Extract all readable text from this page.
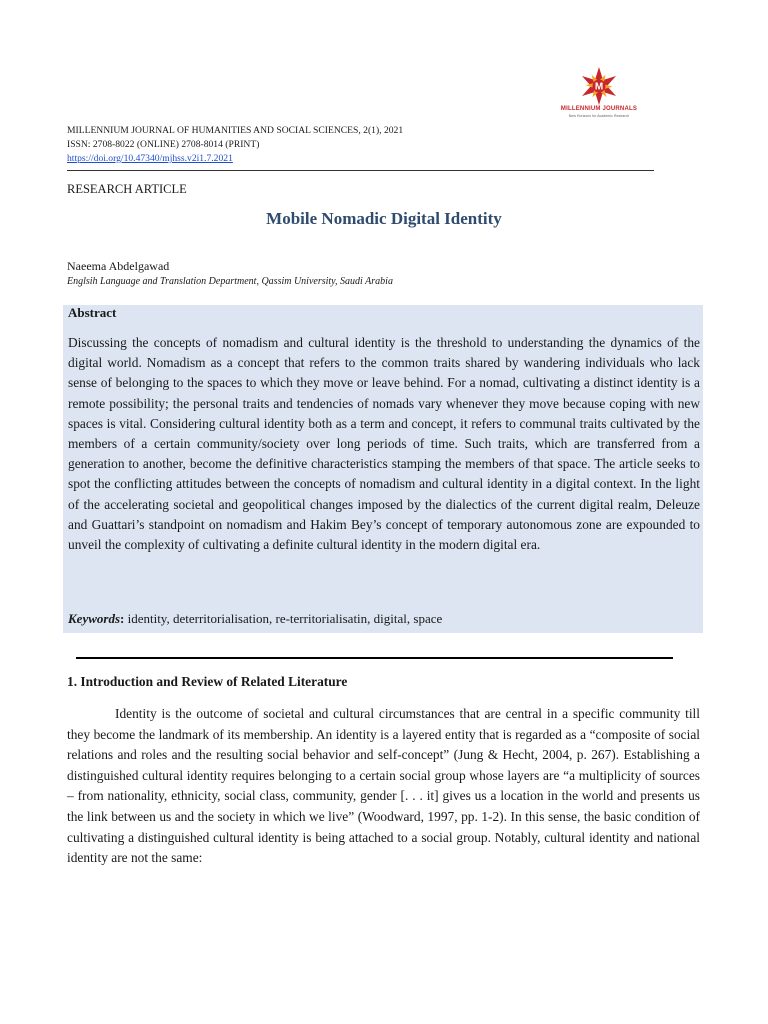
M
MILLENNIUM JOURNALS
New Horizons for Academic Research
MILLENNIUM JOURNAL OF HUMANITIES AND SOCIAL SCIENCES, 2(1), 2021
ISSN: 2708-8022 (ONLINE) 2708-8014 (PRINT)
https://doi.org/10.47340/mjhss.v2i1.7.2021
RESEARCH ARTICLE
Mobile Nomadic Digital Identity
Naeema Abdelgawad
Englsih Language and Translation Department, Qassim University, Saudi Arabia
Abstract

Discussing the concepts of nomadism and cultural identity is the threshold to understanding the dynamics of the digital world. Nomadism as a concept that refers to the common traits shared by wandering individuals who lack sense of belonging to the spaces to which they move or leave behind. For a nomad, cultivating a distinct identity is a remote possibility; the personal traits and tendencies of nomads vary whenever they move because coping with new spaces is vital. Considering cultural identity both as a term and concept, it refers to communal traits cultivated by the members of a certain community/society over long periods of time. Such traits, which are transferred from a generation to another, become the definitive characteristics stamping the members of that space. The article seeks to spot the conflicting attitudes between the concepts of nomadism and cultural identity in a digital context. In the light of the accelerating societal and geopolitical changes imposed by the dialectics of the current digital realm, Deleuze and Guattari’s standpoint on nomadism and Hakim Bey’s concept of temporary autonomous zone are expounded to unveil the complexity of cultivating a definite cultural identity in the modern digital era.

Keywords: identity, deterritorialisation, re-territorialisatin, digital, space
1. Introduction and Review of Related Literature

Identity is the outcome of societal and cultural circumstances that are central in a specific community till they become the landmark of its membership. An identity is a layered entity that is regarded as a “composite of social relations and roles and the resulting social behavior and self-concept” (Jung & Hecht, 2004, p. 267). Establishing a distinguished cultural identity requires belonging to a certain social group whose layers are “a multiplicity of sources – from nationality, ethnicity, social class, community, gender [. . . it] gives us a location in the world and presents us the link between us and the society in which we live” (Woodward, 1997, pp. 1-2). In this sense, the basic condition of cultivating a distinguished cultural identity is being attached to a social group. Notably, cultural identity and national identity are not the same:
